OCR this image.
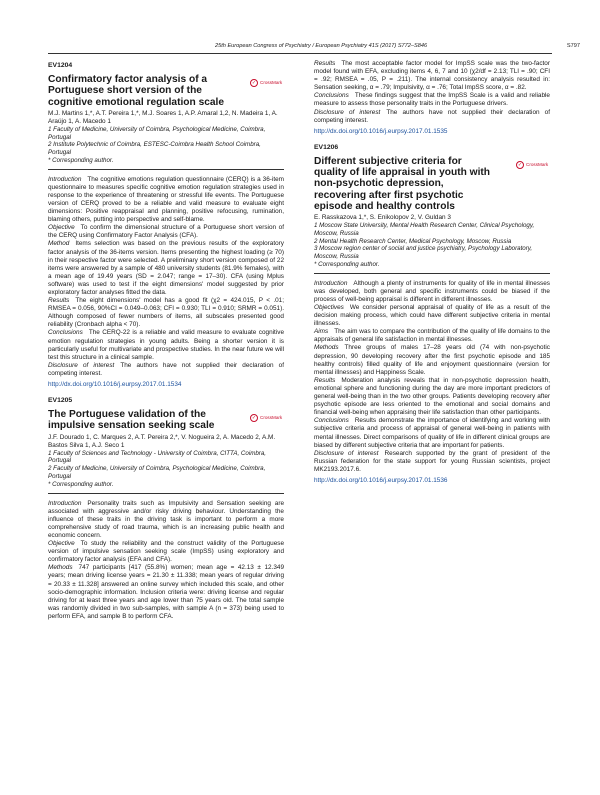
25th European Congress of Psychiatry / European Psychiatry 41S (2017) S772–S846	S797
EV1204
Confirmatory factor analysis of a Portuguese short version of the cognitive emotional regulation scale
✓ CrossMark
M.J. Martins 1,*, A.T. Pereira 1,*, M.J. Soares 1, A.P. Amaral 1,2, N. Madeira 1, A. Araújo 1, A. Macedo 1
1 Faculty of Medicine, University of Coimbra, Psychological Medicine, Coimbra, Portugal
2 Institute Polytechnic of Coimbra, ESTESC-Coimbra Health School Coimbra, Portugal
* Corresponding author.

Introduction The cognitive emotions regulation questionnaire (CERQ) is a 36-item questionnaire to measures specific cognitive emotion regulation strategies used in response to the experience of threatening or stressful life events. The Portuguese version of CERQ proved to be a reliable and valid measure to evaluate eight dimensions: Positive reappraisal and planning, positive refocusing, rumination, blaming others, putting into perspective and self-blame.

Objective To confirm the dimensional structure of a Portuguese short version of the CERQ using Confirmatory Factor Analysis (CFA).

Method Items selection was based on the previous results of the exploratory factor analysis of the 36-items version. Items presenting the highest loading (≥ 70) in their respective factor were selected. A preliminary short version composed of 22 items were answered by a sample of 480 university students (81.9% females), with a mean age of 19.49 years (SD = 2.047; range = 17–30). CFA (using Mplus software) was used to test if the eight dimensions' model suggested by prior exploratory factor analyses fitted the data.

Results The eight dimensions' model has a good fit (χ2 = 424.015, P < .01; RMSEA = 0.056, 90%CI = 0.049–0.063; CFI = 0.930; TLI = 0.910; SRMR = 0.051). Although composed of fewer numbers of items, all subscales presented good reliability (Cronbach alpha < 70).

Conclusions The CERQ-22 is a reliable and valid measure to evaluate cognitive emotion regulation strategies in young adults. Being a shorter version it is particularly useful for multivariate and prospective studies. In the near future we will test this structure in a clinical sample.

Disclosure of interest The authors have not supplied their declaration of competing interest.

http://dx.doi.org/10.1016/j.eurpsy.2017.01.1534
EV1205
The Portuguese validation of the impulsive sensation seeking scale
✓ CrossMark
J.F. Dourado 1, C. Marques 2, A.T. Pereira 2,*, V. Nogueira 2, A. Macedo 2, A.M. Bastos Silva 1, A.J. Seco 1
1 Faculty of Sciences and Technology - University of Coimbra, CITTA, Coimbra, Portugal
2 Faculty of Medicine, University of Coimbra, Psychological Medicine, Coimbra, Portugal
* Corresponding author.

Introduction Personality traits such as Impulsivity and Sensation seeking are associated with aggressive and/or risky driving behaviour. Understanding the influence of these traits in the driving task is important to perform a more comprehensive study of road trauma, which is an increasing public health and economic concern.

Objective To study the reliability and the construct validity of the Portuguese version of impulsive sensation seeking scale (ImpSS) using exploratory and confirmatory factor analysis (EFA and CFA).

Methods 747 participants [417 (55.8%) women; mean age = 42.13 ± 12.349 years; mean driving license years = 21.30 ± 11.338; mean years of regular driving = 20.33 ± 11.328] answered an online survey which included this scale, and other socio-demographic information. Inclusion criteria were: driving license and regular driving for at least three years and age lower than 75 years old. The total sample was randomly divided in two sub-samples, with sample A (n = 373) being used to perform EFA, and sample B to perform CFA.

Results The most acceptable factor model for ImpSS scale was the two-factor model found with EFA, excluding items 4, 6, 7 and 10 (χ2/df = 2.13; TLI = .90; CFI = .92; RMSEA = .05, P = .211). The internal consistency analysis resulted in: Sensation seeking, α = .79; Impulsivity, α = .76; Total ImpSS score, α = .82.

Conclusions These findings suggest that the ImpSS Scale is a valid and reliable measure to assess those personality traits in the Portuguese drivers.

Disclosure of interest The authors have not supplied their declaration of competing interest.

http://dx.doi.org/10.1016/j.eurpsy.2017.01.1535
EV1206
Different subjective criteria for quality of life appraisal in youth with non-psychotic depression, recovering after first psychotic episode and healthy controls
✓ CrossMark
E. Rasskazova 1,*, S. Enikolopov 2, V. Guldan 3
1 Moscow State University, Mental Health Research Center, Clinical Psychology, Moscow, Russia
2 Mental Health Research Center, Medical Psychology, Moscow, Russia
3 Moscow region center of social and justice psychiatry, Psychology Laboratory, Moscow, Russia
* Corresponding author.

Introduction Although a plenty of instruments for quality of life in mental illnesses was developed, both general and specific instruments could be biased if the process of well-being appraisal is different in different illnesses.

Objectives We consider personal appraisal of quality of life as a result of the decision making process, which could have different subjective criteria in mental illnesses.

Aims The aim was to compare the contribution of the quality of life domains to the appraisals of general life satisfaction in mental illnesses.

Methods Three groups of males 17–28 years old (74 with non-psychotic depression, 90 developing recovery after the first psychotic episode and 185 healthy controls) filled quality of life and enjoyment questionnaire (version for mental illnesses) and Happiness Scale.

Results Moderation analysis reveals that in non-psychotic depression health, emotional sphere and functioning during the day are more important predictors of general well-being than in the two other groups. Patients developing recovery after psychotic episode are less oriented to the emotional and social domains and financial well-being when appraising their life satisfaction than other participants.

Conclusions Results demonstrate the importance of identifying and working with subjective criteria and process of appraisal of general well-being in patients with mental illnesses. Direct comparisons of quality of life in different clinical groups are biased by different subjective criteria that are important for patients.

Disclosure of interest Research supported by the grant of president of the Russian federation for the state support for young Russian scientists, project MK2193.2017.6.

http://dx.doi.org/10.1016/j.eurpsy.2017.01.1536
